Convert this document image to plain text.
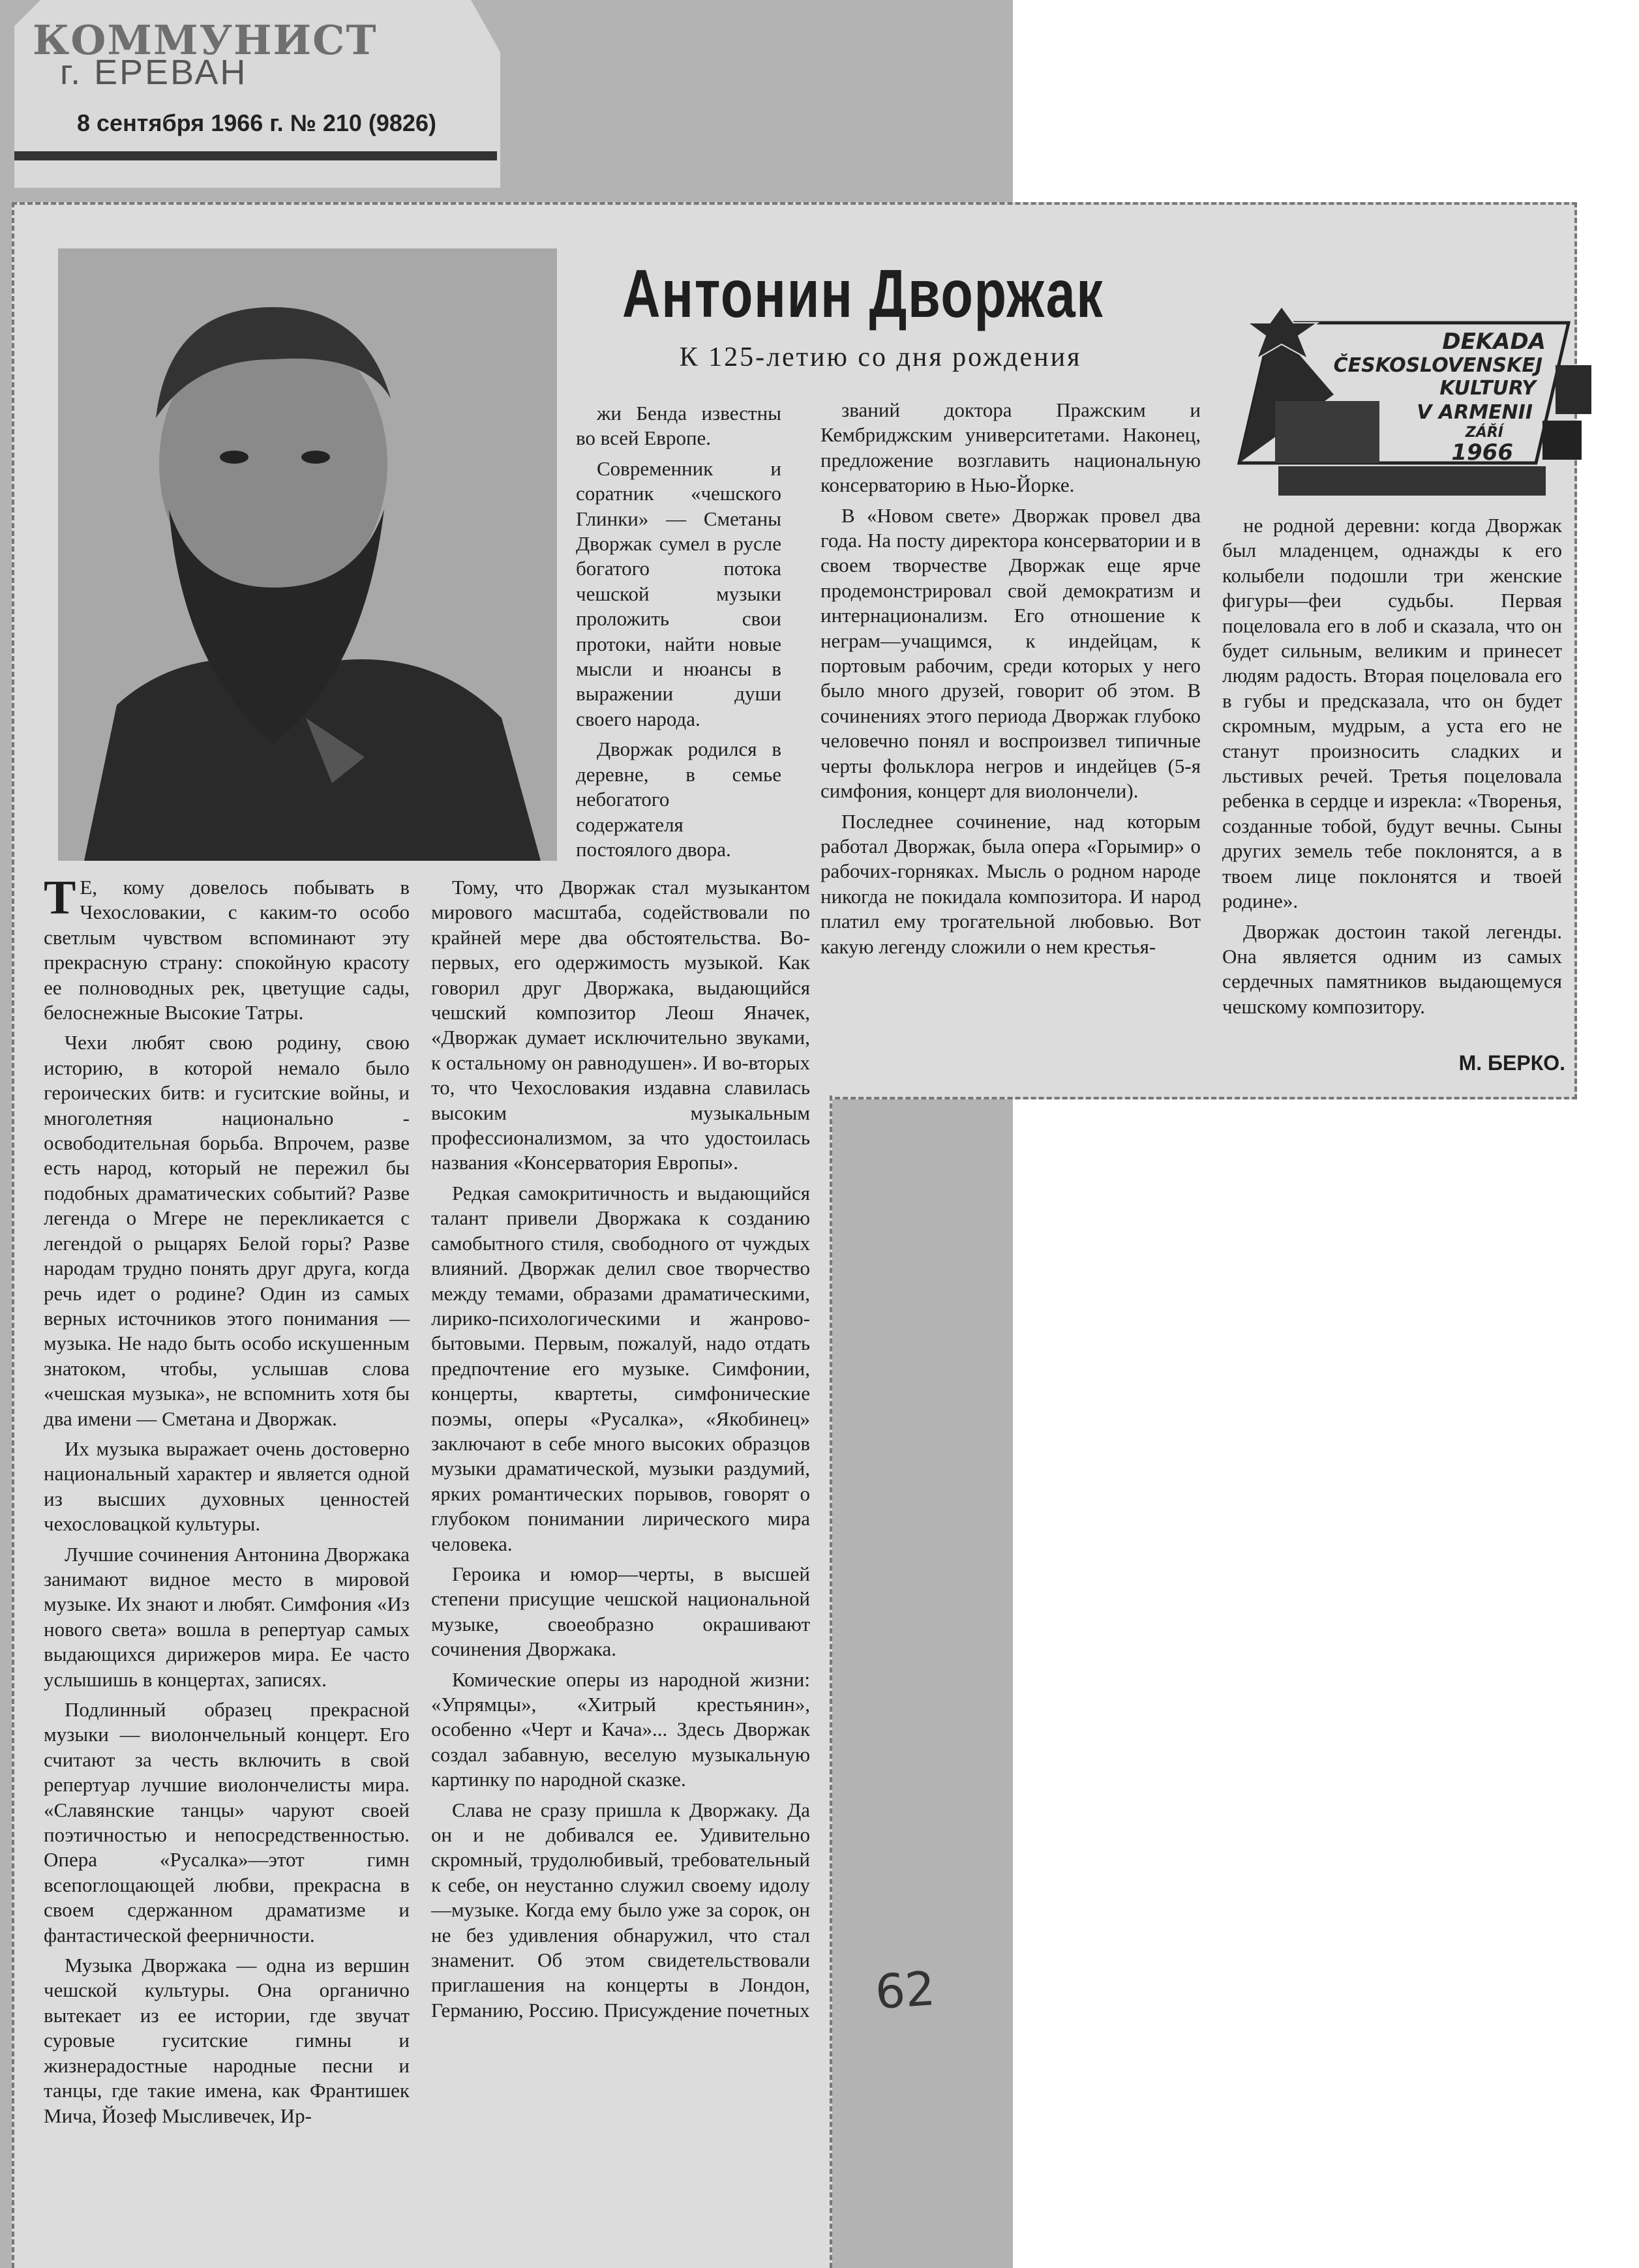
КОММУНИСТ
г. ЕРЕВАН
8 сентября 1966 г. № 210 (9826)
Антонин Дворжак
К 125-летию со дня рождения
DEKADA
ČESKOSLOVENSKEJ
KULTURY
V ARMENII
ZÁŘÍ
1966
Т Е, кому довелось побывать в Чехословакии, с каким-то особо светлым чувством вспоминают эту прекрасную страну: спокойную красоту ее полноводных рек, цветущие сады, белоснежные Высокие Татры.

Чехи любят свою родину, свою историю, в которой немало было героических битв: и гуситские войны, и многолетняя национально - освободительная борьба. Впрочем, разве есть народ, который не пережил бы подобных драматических событий? Разве легенда о Мгере не перекликается с легендой о рыцарях Белой горы? Разве народам трудно понять друг друга, когда речь идет о родине? Один из самых верных источников этого понимания — музыка. Не надо быть особо искушенным знатоком, чтобы, услышав слова «чешская музыка», не вспомнить хотя бы два имени — Сметана и Дворжак.

Их музыка выражает очень достоверно национальный характер и является одной из высших духовных ценностей чехословацкой культуры.

Лучшие сочинения Антонина Дворжака занимают видное место в мировой музыке. Их знают и любят. Симфония «Из нового света» вошла в репертуар самых выдающихся дирижеров мира. Ее часто услышишь в концертах, записях.

Подлинный образец прекрасной музыки — виолончельный концерт. Его считают за честь включить в свой репертуар лучшие виолончелисты мира. «Славянские танцы» чаруют своей поэтичностью и непосредственностью. Опера «Русалка»—этот гимн всепоглощающей любви, прекрасна в своем сдержанном драматизме и фантастической феерничности.

Музыка Дворжака — одна из вершин чешской культуры. Она органично вытекает из ее истории, где звучат суровые гуситские гимны и жизнерадостные народные песни и танцы, где такие имена, как Франтишек Мича, Йозеф Мысливечек, Ир-

Тому, что Дворжак стал музыкантом мирового масштаба, содействовали по крайней мере два обстоятельства. Во-первых, его одержимость музыкой. Как говорил друг Дворжака, выдающийся чешский композитор Леош Яначек, «Дворжак думает исключительно звуками, к остальному он равнодушен». И во-вторых то, что Чехословакия издавна славилась высоким музыкальным профессионализмом, за что удостоилась названия «Консерватория Европы».

Редкая самокритичность и выдающийся талант привели Дворжака к созданию самобытного стиля, свободного от чуждых влияний. Дворжак делил свое творчество между темами, образами драматическими, лирико-психологическими и жанрово-бытовыми. Первым, пожалуй, надо отдать предпочтение его музыке. Симфонии, концерты, квартеты, симфонические поэмы, оперы «Русалка», «Якобинец» заключают в себе много высоких образцов музыки драматической, музыки раздумий, ярких романтических порывов, говорят о глубоком понимании лирического мира человека.

Героика и юмор—черты, в высшей степени присущие чешской национальной музыке, своеобразно окрашивают сочинения Дворжака.

Комические оперы из народной жизни: «Упрямцы», «Хитрый крестьянин», особенно «Черт и Кача»... Здесь Дворжак создал забавную, веселую музыкальную картинку по народной сказке.

Слава не сразу пришла к Дворжаку. Да он и не добивался ее. Удивительно скромный, трудолюбивый, требовательный к себе, он неустанно служил своему идолу—музыке. Когда ему было уже за сорок, он не без удивления обнаружил, что стал знаменит. Об этом свидетельствовали приглашения на концерты в Лондон, Германию, Россию. Присуждение почетных

жи Бенда известны во всей Европе.

Современник и соратник «чешского Глинки» — Сметаны Дворжак сумел в русле богатого потока чешской музыки проложить свои протоки, найти новые мысли и нюансы в выражении души своего народа.

Дворжак родился в деревне, в семье небогатого содержателя постоялого двора.

званий доктора Пражским и Кембриджским университетами. Наконец, предложение возглавить национальную консерваторию в Нью-Йорке.

В «Новом свете» Дворжак провел два года. На посту директора консерватории и в своем творчестве Дворжак еще ярче продемонстрировал свой демократизм и интернационализм. Его отношение к неграм—учащимся, к индейцам, к портовым рабочим, среди которых у него было много друзей, говорит об этом. В сочинениях этого периода Дворжак глубоко человечно понял и воспроизвел типичные черты фольклора негров и индейцев (5-я симфония, концерт для виолончели).

Последнее сочинение, над которым работал Дворжак, была опера «Горымир» о рабочих-горняках. Мысль о родном народе никогда не покидала композитора. И народ платил ему трогательной любовью. Вот какую легенду сложили о нем крестья-

не родной деревни: когда Дворжак был младенцем, однажды к его колыбели подошли три женские фигуры—феи судьбы. Первая поцеловала его в лоб и сказала, что он будет сильным, великим и принесет людям радость. Вторая поцеловала его в губы и предсказала, что он будет скромным, мудрым, а уста его не станут произносить сладких и льстивых речей. Третья поцеловала ребенка в сердце и изрекла: «Творенья, созданные тобой, будут вечны. Сыны других земель тебе поклонятся, а в твоем лице поклонятся и твоей родине».

Дворжак достоин такой легенды. Она является одним из самых сердечных памятников выдающемуся чешскому композитору.

М. БЕРКО.
62
